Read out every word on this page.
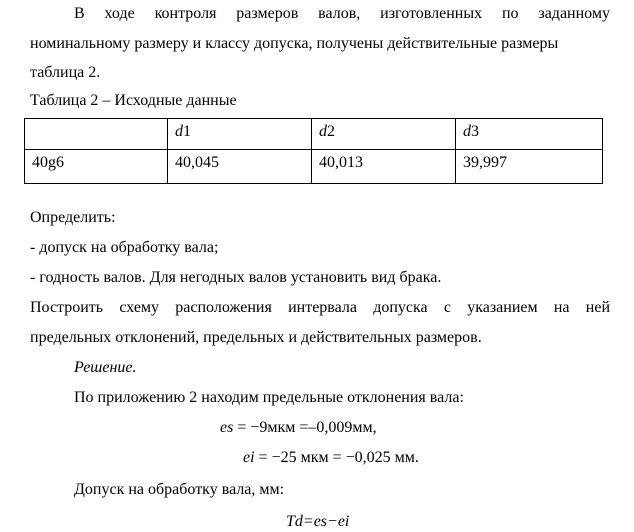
В ходе контроля размеров валов, изготовленных по заданному
номинальному размеру и классу допуска, получены действительные размеры
таблица 2.
Таблица 2 – Исходные данные
	d1	d2	d3
40g6	40,045	40,013	39,997
Определить:
- допуск на обработку вала;
- годность валов. Для негодных валов установить вид брака.
Построить схему расположения интервала допуска с указанием на ней
предельных отклонений, предельных и действительных размеров.
Решение.
По приложению 2 находим предельные отклонения вала:
es = −9мкм =–0,009мм,
ei = −25 мкм = −0,025 мм.
Допуск на обработку вала, мм:
Td=es−ei
